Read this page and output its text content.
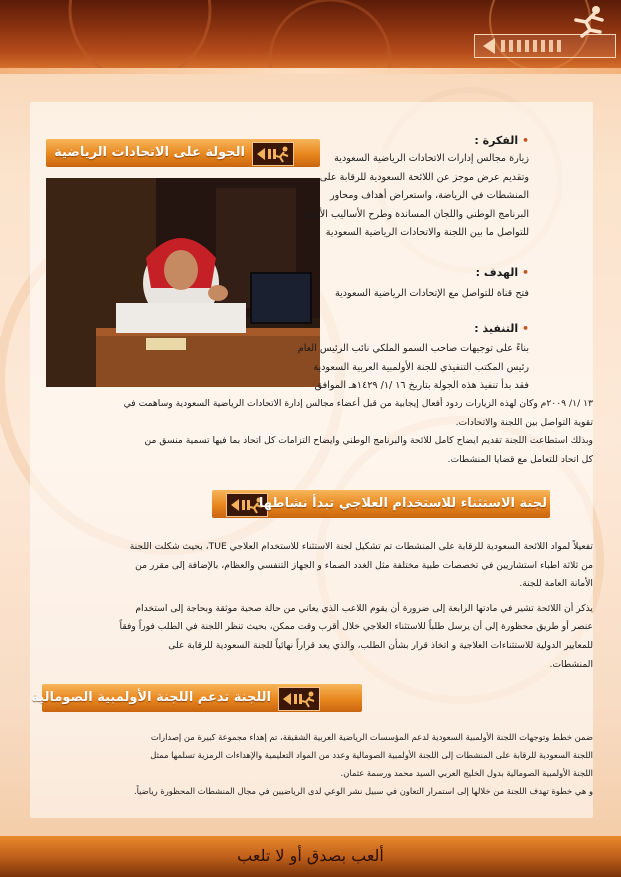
الجولة على الاتحادات الرياضية
• الفكرة :
زيارة مجالس إدارات الاتحادات الرياضية السعودية
وتقديم عرض موجز عن اللائحة السعودية للرقابة على
المنشطات في الرياضة، واستعراض أهداف ومحاور
البرنامج الوطني واللجان المساندة وطرح الأساليب الأمثل
للتواصل ما بين اللجنة والاتحادات الرياضية السعودية
• الهدف :
فتح قناة للتواصل مع الإتحادات الرياضية السعودية
• التنفيذ :
بناءً على توجيهات صاحب السمو الملكي نائب الرئيس العام
رئيس المكتب التنفيذي للجنة الأولمبية العربية السعودية
فقد بدأ تنفيذ هذه الجولة بتاريخ ١٦ /١/ ١٤٢٩هـ الموافق
١٣ /١/ ٢٠٠٩م وكان لهذه الزيارات ردود أفعال إيجابية من قبل أعضاء مجالس إدارة الاتحادات الرياضية السعودية وساهمت في
تقوية التواصل بين اللجنة والاتحادات.
وبذلك استطاعت اللجنة تقديم ايضاح كامل للائحة والبرنامج الوطني وايضاح التزامات كل اتحاد بما فيها تسمية منسق من
كل اتحاد للتعامل مع قضايا المنشطات.
لجنة الاستثناء للاستخدام العلاجي تبدأ نشاطها
تفعيلاً لمواد اللائحة السعودية للرقابة على المنشطات تم تشكيل لجنة الاستثناء للاستخدام العلاجي TUE، بحيث شكلت اللجنة
من ثلاثة اطباء استشاريين في تخصصات طبية مختلفة مثل الغدد الصماء و الجهاز التنفسي والعظام، بالإضافة إلى مقرر من
الأمانة العامة للجنة.
يذكر أن اللائحة تشير في مادتها الرابعة إلى ضرورة أن يقوم اللاعب الذي يعاني من حالة صحية موثقة وبحاجة إلى استخدام
عنصر أو طريق محظورة إلى أن يرسل طلباً للاستثناء العلاجي خلال أقرب وقت ممكن، بحيث تنظر اللجنة في الطلب فوراً وفقاً
للمعايير الدولية للاستثناءات العلاجية و اتخاذ قرار بشأن الطلب، والذي يعد قراراً نهائياً للجنة السعودية للرقابة على
المنشطات.
اللجنة تدعم اللجنة الأولمبية الصومالية
ضمن خطط وتوجهات اللجنة الأولمبية السعودية لدعم المؤسسات الرياضية العربية الشقيقة، تم إهداء مجموعة كبيرة من إصدارات
اللجنة السعودية للرقابة على المنشطات إلى اللجنة الأولمبية الصومالية وعدد من المواد التعليمية والإهداءات الرمزية تسلمها ممثل
اللجنة الأولمبية الصومالية بدول الخليج العربي السيد محمد ورسمة عثمان.
و هي خطوة تهدف اللجنة من خلالها إلى استمرار التعاون في سبيل نشر الوعي لدى الرياضيين في مجال المنشطات المحظورة رياضياً.
ألعب بصدق أو لا تلعب
